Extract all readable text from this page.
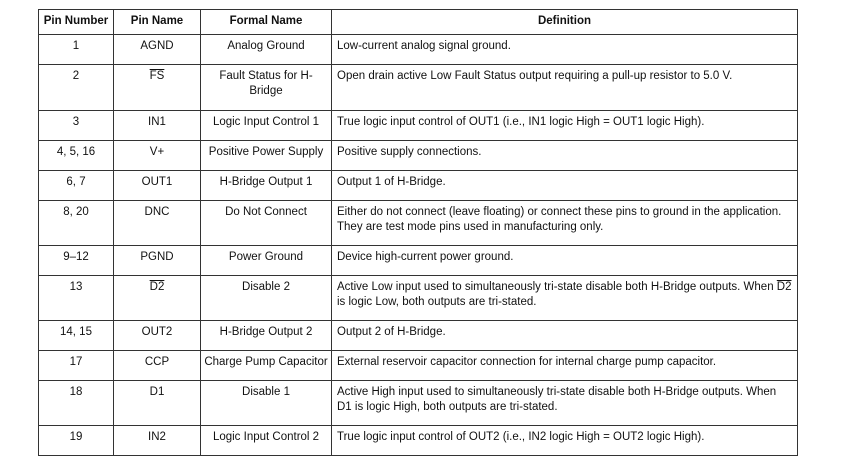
Pin Number	Pin Name	Formal Name	Definition
1	AGND	Analog Ground	Low-current analog signal ground.
2	$\overline{FS}$	Fault Status for H-Bridge	Open drain active Low Fault Status output requiring a pull-up resistor to 5.0 V.
3	IN1	Logic Input Control 1	True logic input control of OUT1 (i.e., IN1 logic High = OUT1 logic High).
4, 5, 16	V+	Positive Power Supply	Positive supply connections.
6, 7	OUT1	H-Bridge Output 1	Output 1 of H-Bridge.
8, 20	DNC	Do Not Connect	Either do not connect (leave floating) or connect these pins to ground in the application. They are test mode pins used in manufacturing only.
9–12	PGND	Power Ground	Device high-current power ground.
13	D2	Disable 2	Active Low input used to simultaneously tri-state disable both H-Bridge outputs. When D2 is logic Low, both outputs are tri-stated.
14, 15	OUT2	H-Bridge Output 2	Output 2 of H-Bridge.
17	CCP	Charge Pump Capacitor	External reservoir capacitor connection for internal charge pump capacitor.
18	D1	Disable 1	Active High input used to simultaneously tri-state disable both H-Bridge outputs. When D1 is logic High, both outputs are tri-stated.
19	IN2	Logic Input Control 2	True logic input control of OUT2 (i.e., IN2 logic High = OUT2 logic High).
